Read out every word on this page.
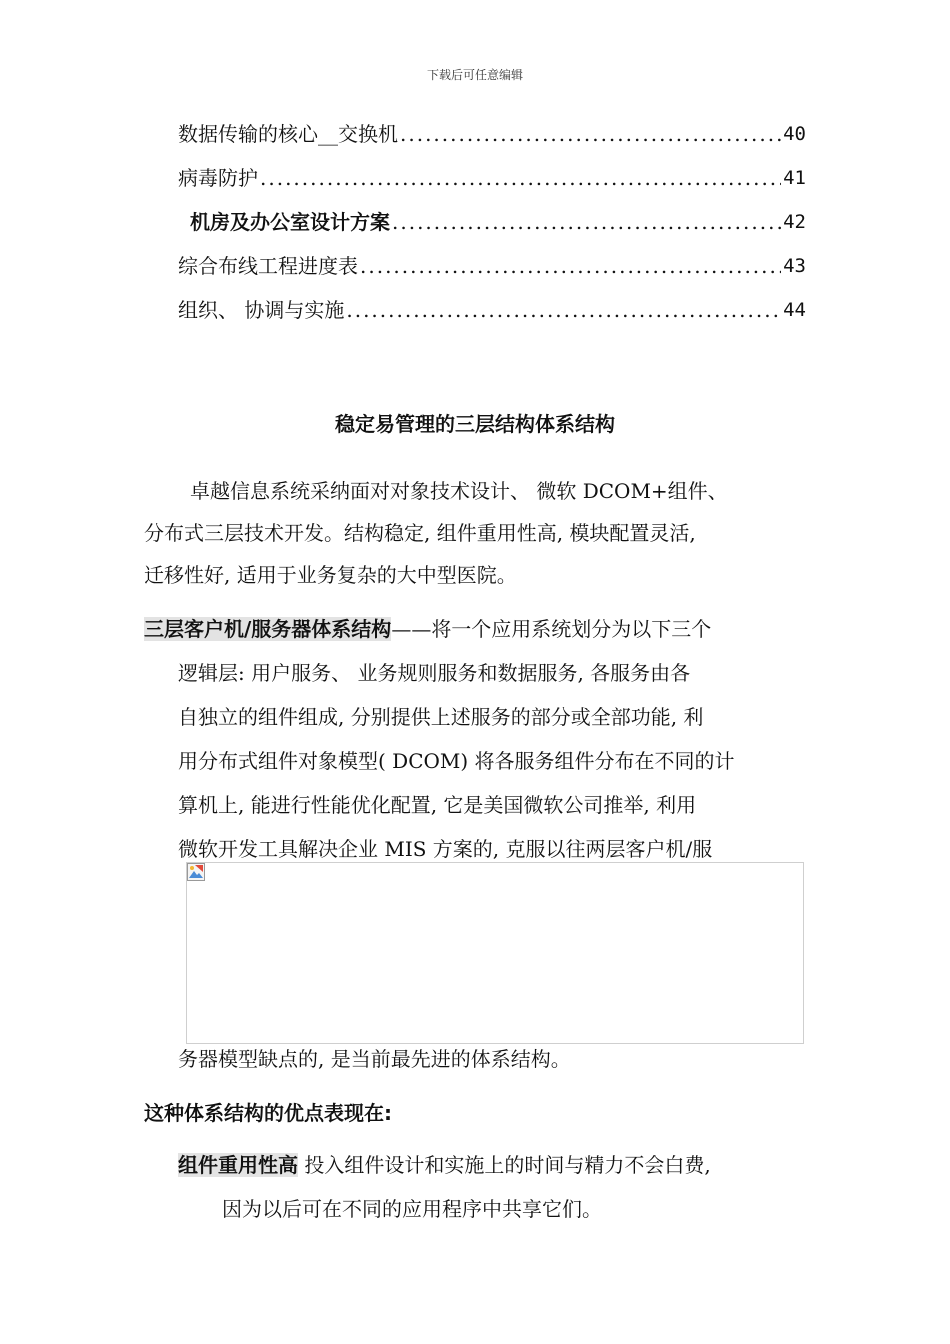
下载后可任意编辑
数据传输的核心__交换机 .....	40
病毒防护 .....	41
机房及办公室设计方案 .....	42
综合布线工程进度表 .....	43
组织、 协调与实施 .....	44
稳定易管理的三层结构体系结构
卓越信息系统采纳面对对象技术设计、 微软 DCOM+组件、
分布式三层技术开发。结构稳定, 组件重用性高, 模块配置灵活,
迁移性好, 适用于业务复杂的大中型医院。
三层客户机/服务器体系结构——将一个应用系统划分为以下三个
逻辑层: 用户服务、 业务规则服务和数据服务, 各服务由各
自独立的组件组成, 分别提供上述服务的部分或全部功能, 利
用分布式组件对象模型( DCOM) 将各服务组件分布在不同的计
算机上, 能进行性能优化配置, 它是美国微软公司推举, 利用
微软开发工具解决企业 MIS 方案的, 克服以往两层客户机/服
务器模型缺点的, 是当前最先进的体系结构。
这种体系结构的优点表现在:
组件重用性高 投入组件设计和实施上的时间与精力不会白费,
因为以后可在不同的应用程序中共享它们。
